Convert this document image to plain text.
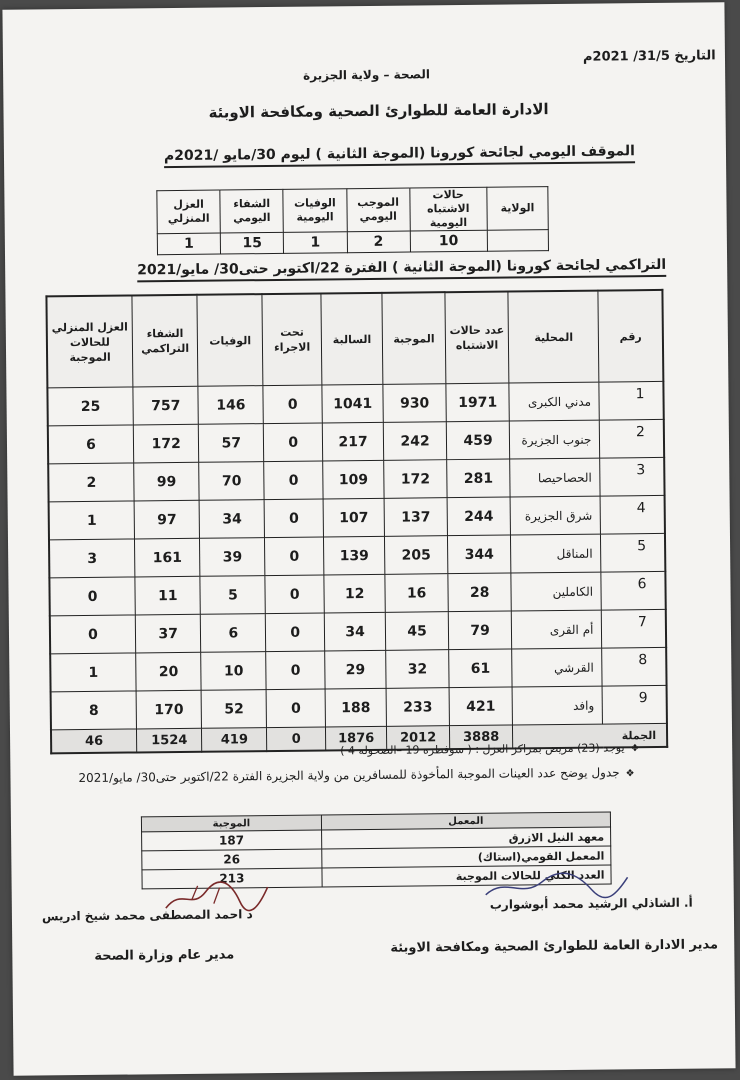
التاريخ 31/5/ 2021م
الصحة – ولاية الجزيرة
الادارة العامة للطوارئ الصحية ومكافحة الاوبئة
الموقف اليومي لجائحة كورونا (الموجة الثانية ) ليوم 30/مايو /2021م
الولاية	حالات الاشتباه اليومية	الموجب اليومي	الوفيات اليومية	الشفاء اليومي	العزل المنزلي
	10	2	1	15	1
التراكمي لجائحة كورونا (الموجة الثانية ) الفترة 22/اكتوبر حتى30/ مايو/2021
رقم	المحلية	عدد حالات الاشتباه	الموجبة	السالبة	تحت الاجراء	الوفيات	الشفاء التراكمي	العزل المنزلي للحالات الموجبة
1	مدني الكبرى	1971	930	1041	0	146	757	25
2	جنوب الجزيرة	459	242	217	0	57	172	6
3	الحصاحيصا	281	172	109	0	70	99	2
4	شرق الجزيرة	244	137	107	0	34	97	1
5	المناقل	344	205	139	0	39	161	3
6	الكاملين	28	16	12	0	5	11	0
7	أم القرى	79	45	34	0	6	37	0
8	القرشي	61	32	29	0	10	20	1
9	وافد	421	233	188	0	52	170	8
الجملة		3888	2012	1876	0	419	1524	46
❖يوجد (23) مريض بمراكز العزل : ( سوفطره 19 –الصحوله 4 )
❖جدول يوضح عدد العينات الموجبة المأخوذة للمسافرين من ولاية الجزيرة الفترة 22/اكتوبر حتى30/ مايو/2021
المعمل	الموجبة
معهد النيل الازرق	187
المعمل القومي(استاك)	26
العدد الكلي للحالات الموجبة	213
د احمد المصطفى محمد شيخ ادريس
أ. الشاذلي الرشيد محمد أبوشوارب
مدير عام وزارة الصحة	مدير الادارة العامة للطوارئ الصحية ومكافحة الاوبئة
